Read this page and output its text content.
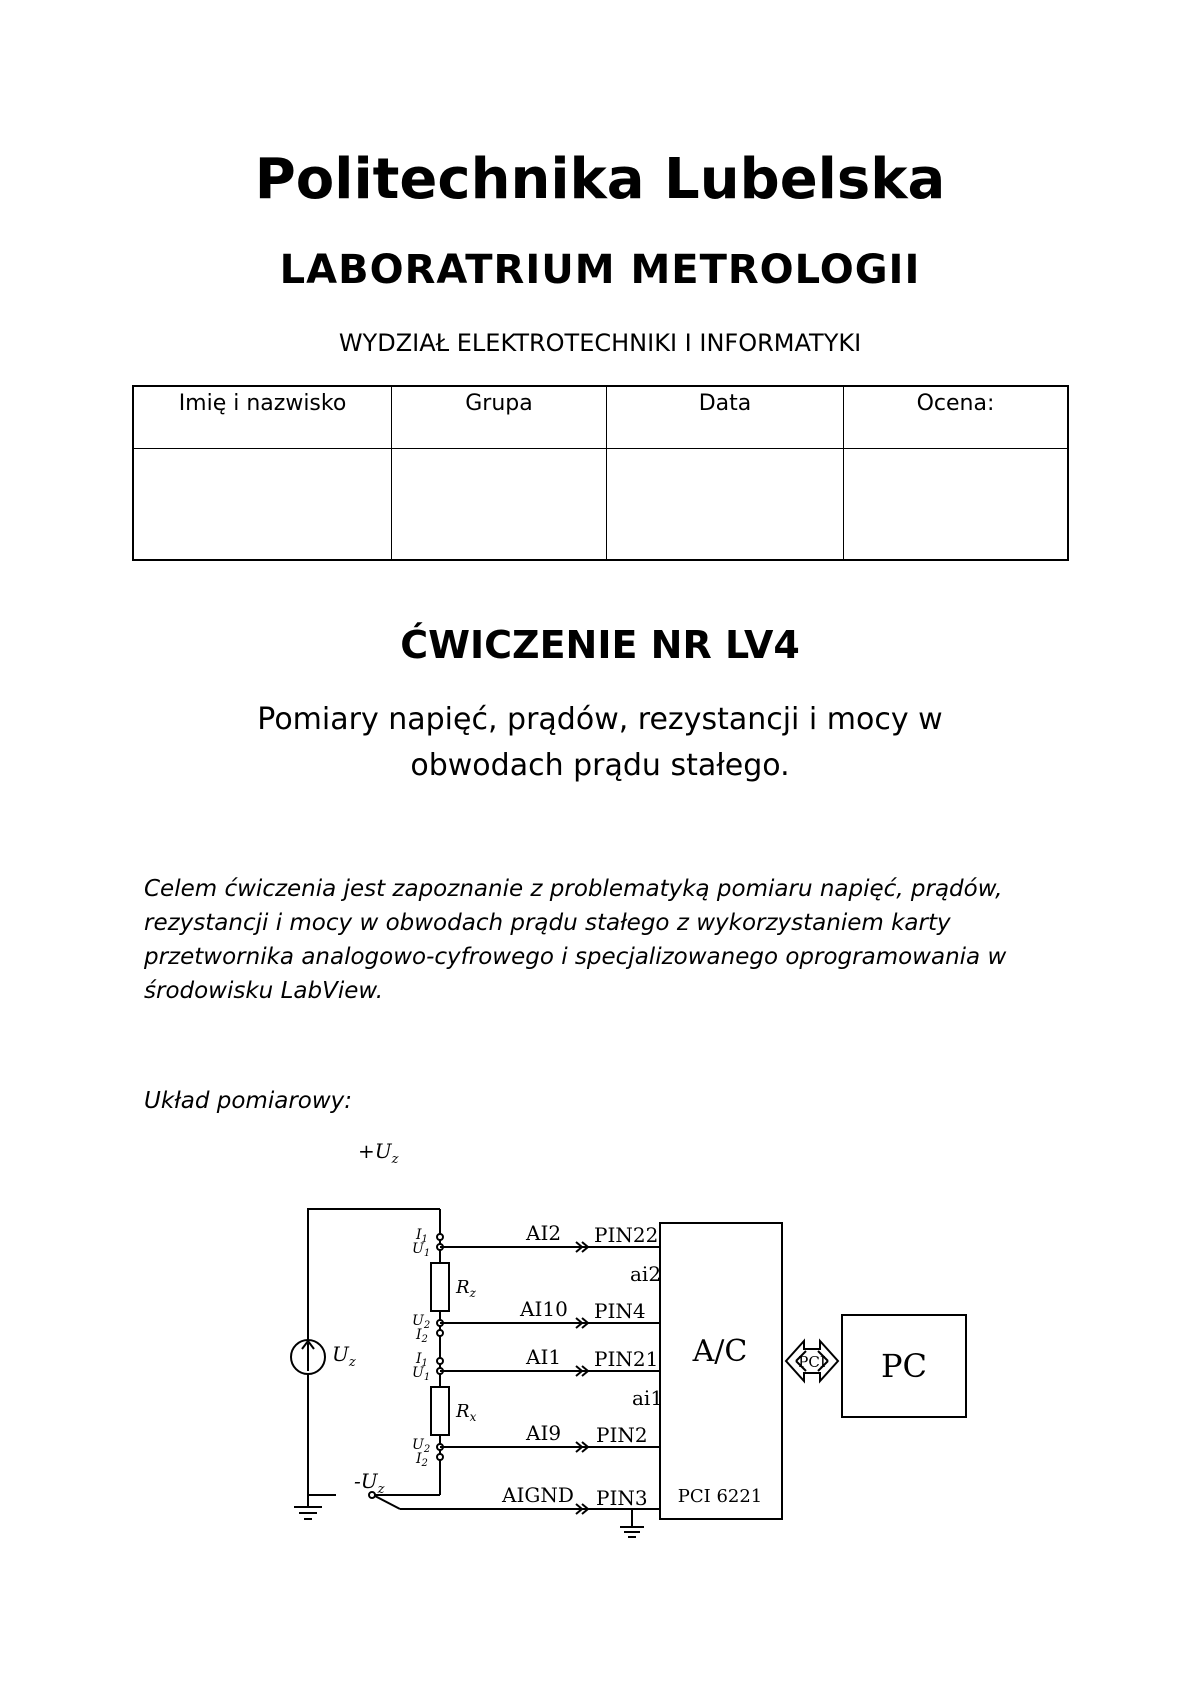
Politechnika Lubelska
LABORATRIUM METROLOGII
WYDZIAŁ ELEKTROTECHNIKI I INFORMATYKI
Imię i nazwisko	Grupa	Data	Ocena:

ĆWICZENIE NR LV4
Pomiary napięć, prądów, rezystancji i mocy w
obwodach prądu stałego.
Celem ćwiczenia jest zapoznanie z problematyką pomiaru napięć, prądów, rezystancji i mocy w obwodach prądu stałego z wykorzystaniem karty przetwornika analogowo-cyfrowego i specjalizowanego oprogramowania w środowisku LabView.
Układ pomiarowy:
$+U_z$
$-U_z$
$U_z$
$R_z$
$R_x$
$I_1$
$U_1$
$U_2$
$I_2$
$I_1$
$U_1$
$U_2$
$I_2$
AI2
AI10
AI1
AI9
AIGND
PIN22
PIN4
PIN21
PIN2
PIN3
ai2
ai1
A/C
PCI 6221
PCI PC
